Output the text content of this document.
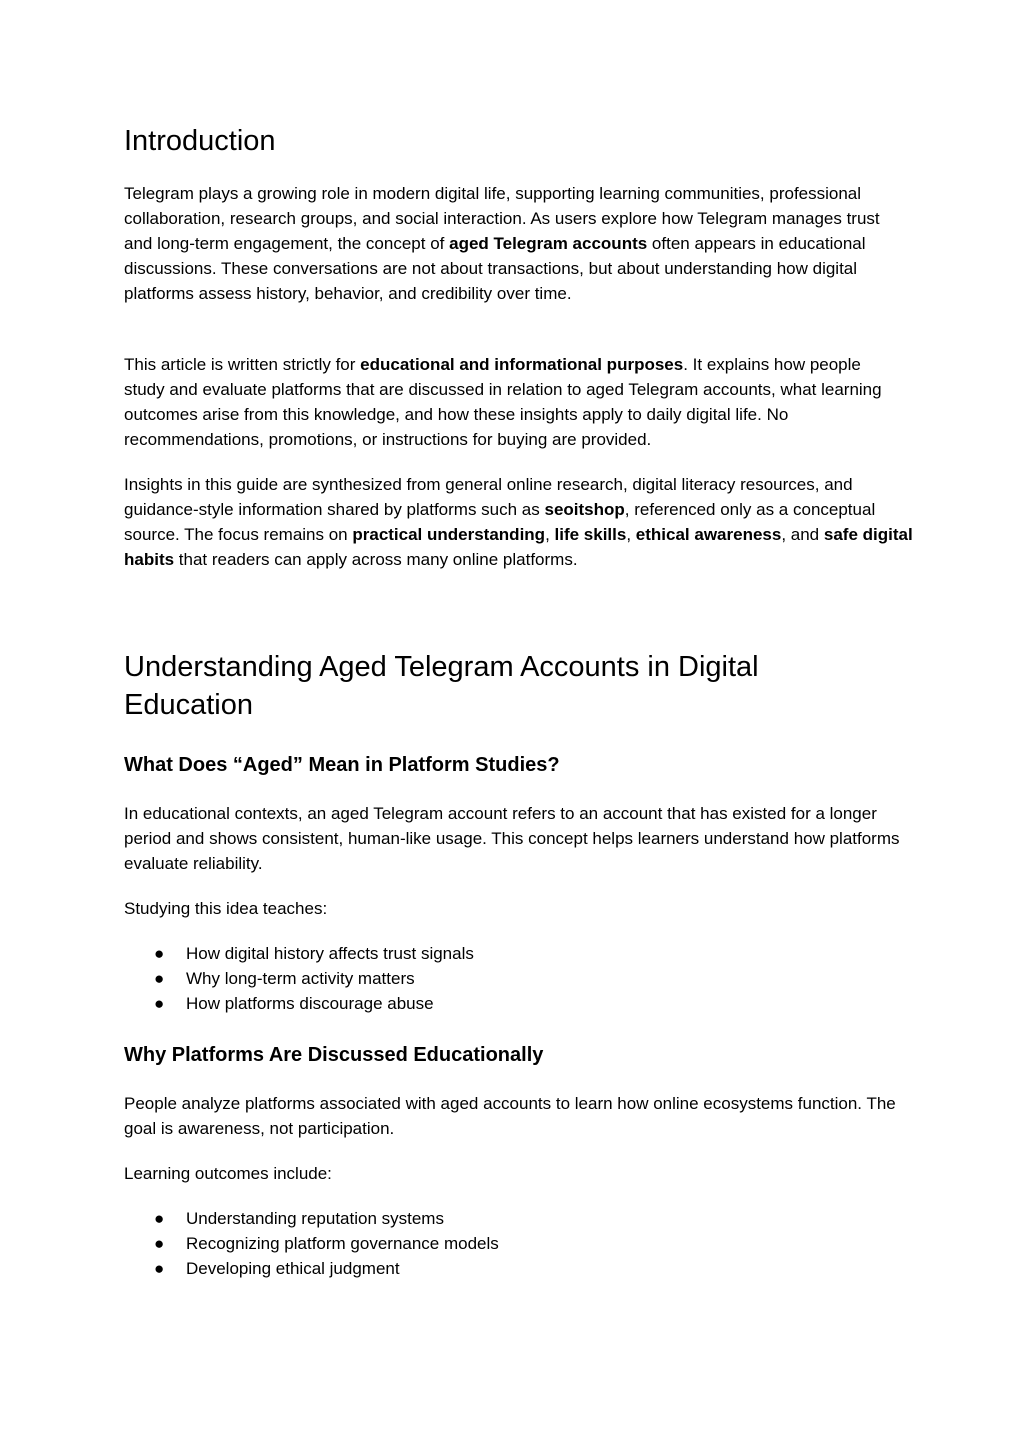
Introduction

Telegram plays a growing role in modern digital life, supporting learning communities, professional collaboration, research groups, and social interaction. As users explore how Telegram manages trust and long-term engagement, the concept of aged Telegram accounts often appears in educational discussions. These conversations are not about transactions, but about understanding how digital platforms assess history, behavior, and credibility over time.

This article is written strictly for educational and informational purposes. It explains how people study and evaluate platforms that are discussed in relation to aged Telegram accounts, what learning outcomes arise from this knowledge, and how these insights apply to daily digital life. No recommendations, promotions, or instructions for buying are provided.

Insights in this guide are synthesized from general online research, digital literacy resources, and guidance-style information shared by platforms such as seoitshop, referenced only as a conceptual source. The focus remains on practical understanding, life skills, ethical awareness, and safe digital habits that readers can apply across many online platforms.

Understanding Aged Telegram Accounts in Digital Education
What Does “Aged” Mean in Platform Studies?

In educational contexts, an aged Telegram account refers to an account that has existed for a longer period and shows consistent, human-like usage. This concept helps learners understand how platforms evaluate reliability.

Studying this idea teaches:

● How digital history affects trust signals
● Why long-term activity matters
● How platforms discourage abuse
Why Platforms Are Discussed Educationally

People analyze platforms associated with aged accounts to learn how online ecosystems function. The goal is awareness, not participation.

Learning outcomes include:

● Understanding reputation systems
● Recognizing platform governance models
● Developing ethical judgment
